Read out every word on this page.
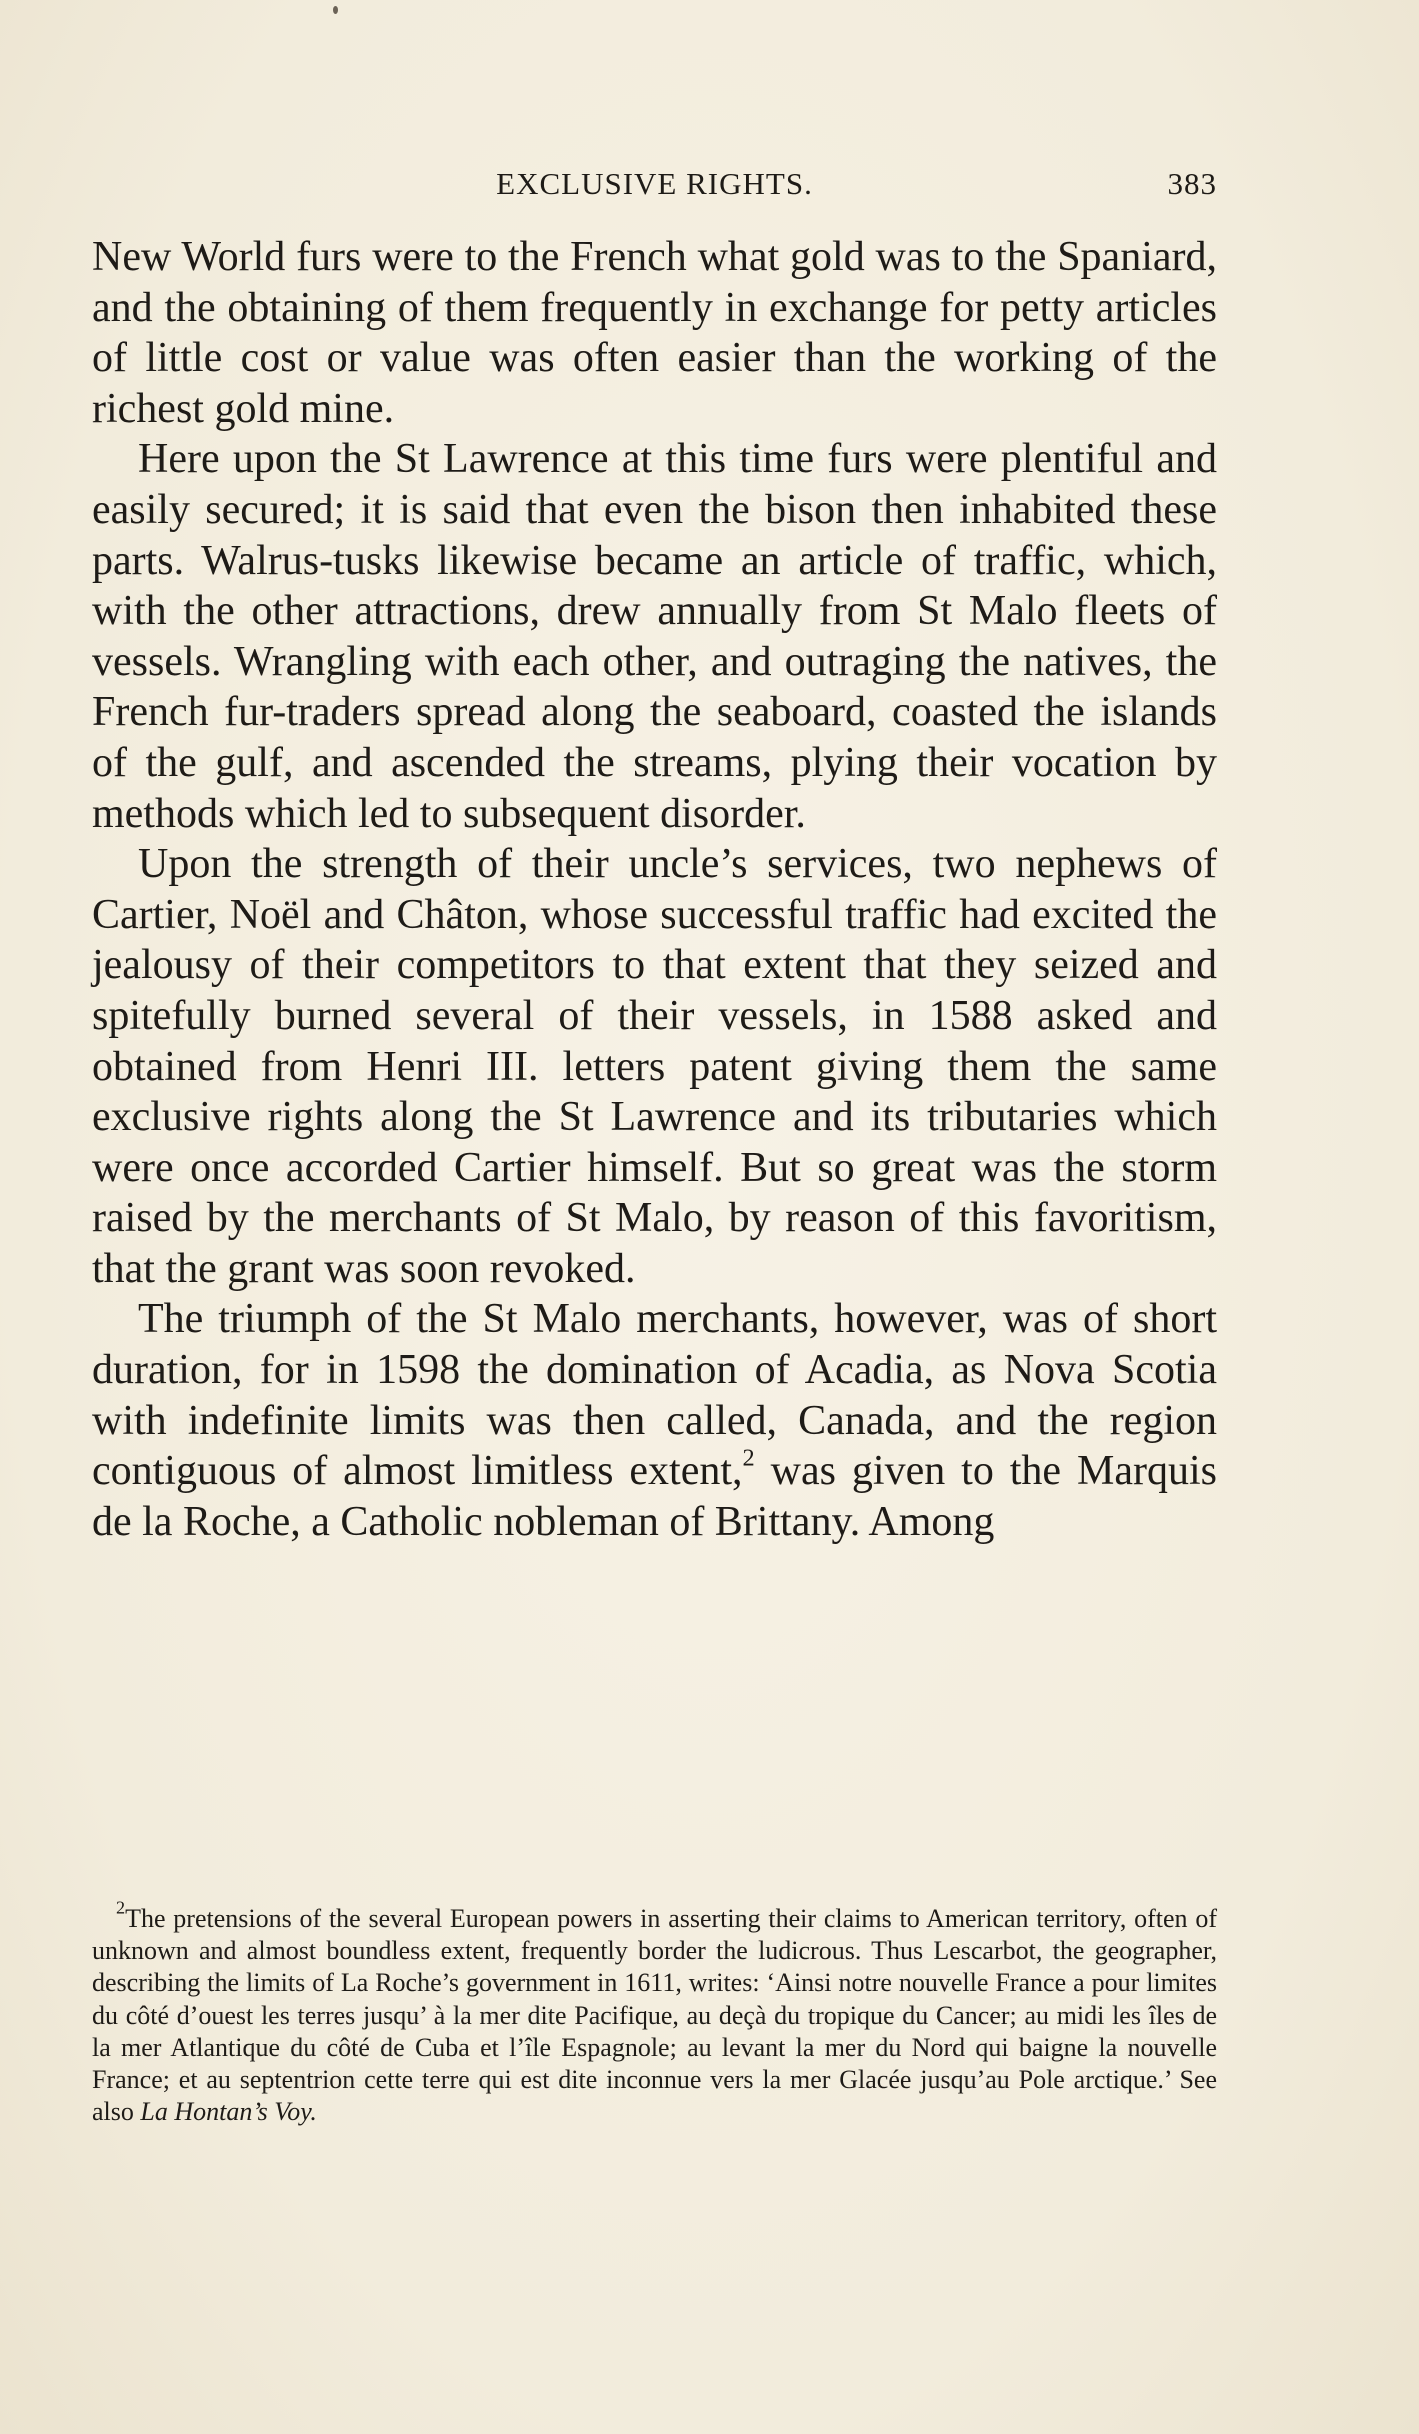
EXCLUSIVE RIGHTS.	383

New World furs were to the French what gold was to the Spaniard, and the obtaining of them frequently in exchange for petty articles of little cost or value was often easier than the working of the richest gold mine.

Here upon the St Lawrence at this time furs were plentiful and easily secured; it is said that even the bison then inhabited these parts. Walrus-tusks likewise became an article of traffic, which, with the other attractions, drew annually from St Malo fleets of vessels. Wrangling with each other, and outraging the natives, the French fur-traders spread along the seaboard, coasted the islands of the gulf, and ascended the streams, plying their vocation by methods which led to subsequent disorder.

Upon the strength of their uncle’s services, two nephews of Cartier, Noël and Châton, whose successful traffic had excited the jealousy of their competitors to that extent that they seized and spitefully burned several of their vessels, in 1588 asked and obtained from Henri III. letters patent giving them the same exclusive rights along the St Lawrence and its tributaries which were once accorded Cartier himself. But so great was the storm raised by the merchants of St Malo, by reason of this favoritism, that the grant was soon revoked.

The triumph of the St Malo merchants, however, was of short duration, for in 1598 the domination of Acadia, as Nova Scotia with indefinite limits was then called, Canada, and the region contiguous of almost limitless extent,$^2$ was given to the Marquis de la Roche, a Catholic nobleman of Brittany. Among

$^2$The pretensions of the several European powers in asserting their claims to American territory, often of unknown and almost boundless extent, frequently border the ludicrous. Thus Lescarbot, the geographer, describing the limits of La Roche’s government in 1611, writes: ‘Ainsi notre nouvelle France a pour limites du côté d’ouest les terres jusqu’ à la mer dite Pacifique, au deçà du tropique du Cancer; au midi les îles de la mer Atlantique du côté de Cuba et l’île Espagnole; au levant la mer du Nord qui baigne la nouvelle France; et au septentrion cette terre qui est dite inconnue vers la mer Glacée jusqu’au Pole arctique.’ See also La Hontan’s Voy.
